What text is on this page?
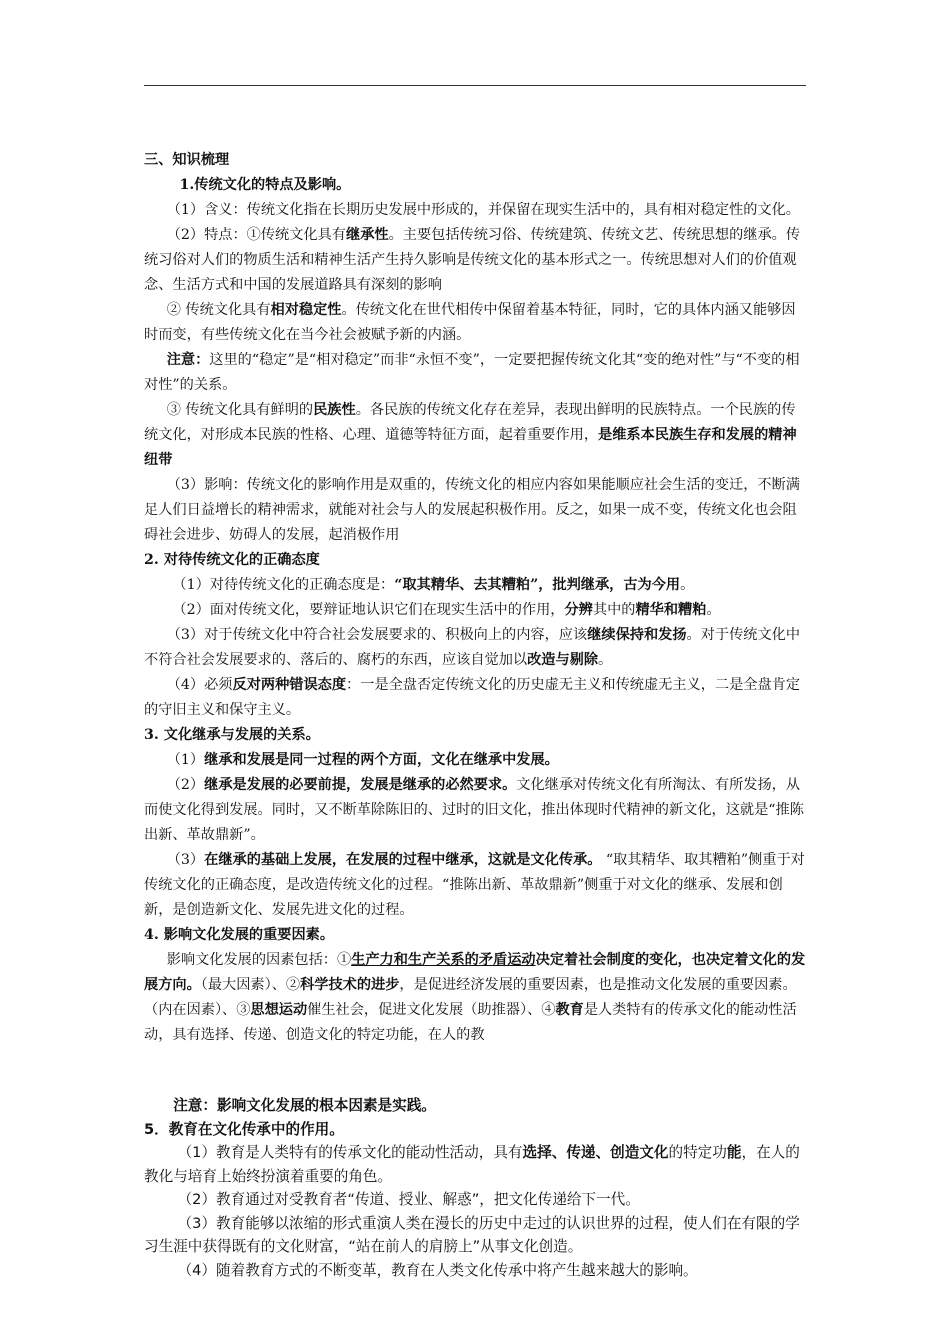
三、知识梳理

1.传统文化的特点及影响。

（1）含义：传统文化指在长期历史发展中形成的，并保留在现实生活中的，具有相对稳定性的文化。

（2）特点：①传统文化具有继承性。主要包括传统习俗、传统建筑、传统文艺、传统思想的继承。传统习俗对人们的物质生活和精神生活产生持久影响是传统文化的基本形式之一。传统思想对人们的价值观念、生活方式和中国的发展道路具有深刻的影响

② 传统文化具有相对稳定性。传统文化在世代相传中保留着基本特征，同时，它的具体内涵又能够因时而变，有些传统文化在当今社会被赋予新的内涵。

注意：这里的“稳定”是“相对稳定”而非“永恒不变”，一定要把握传统文化其“变的绝对性”与“不变的相对性”的关系。

③ 传统文化具有鲜明的民族性。各民族的传统文化存在差异，表现出鲜明的民族特点。一个民族的传统文化，对形成本民族的性格、心理、道德等特征方面，起着重要作用，是维系本民族生存和发展的精神纽带

（3）影响：传统文化的影响作用是双重的，传统文化的相应内容如果能顺应社会生活的变迁，不断满足人们日益增长的精神需求，就能对社会与人的发展起积极作用。反之，如果一成不变，传统文化也会阻碍社会进步、妨碍人的发展，起消极作用

2. 对待传统文化的正确态度

（1）对待传统文化的正确态度是：“取其精华、去其糟粕”，批判继承，古为今用。

（2）面对传统文化，要辩证地认识它们在现实生活中的作用，分辨其中的精华和糟粕。

（3）对于传统文化中符合社会发展要求的、积极向上的内容，应该继续保持和发扬。对于传统文化中不符合社会发展要求的、落后的、腐朽的东西，应该自觉加以改造与剔除。

（4）必须反对两种错误态度：一是全盘否定传统文化的历史虚无主义和传统虚无主义，二是全盘肯定的守旧主义和保守主义。

3. 文化继承与发展的关系。

（1）继承和发展是同一过程的两个方面，文化在继承中发展。

（2）继承是发展的必要前提，发展是继承的必然要求。文化继承对传统文化有所淘汰、有所发扬，从而使文化得到发展。同时，又不断革除陈旧的、过时的旧文化，推出体现时代精神的新文化，这就是“推陈出新、革故鼎新”。

（3）在继承的基础上发展，在发展的过程中继承，这就是文化传承。 “取其精华、取其糟粕”侧重于对传统文化的正确态度，是改造传统文化的过程。“推陈出新、革故鼎新”侧重于对文化的继承、发展和创新，是创造新文化、发展先进文化的过程。

4. 影响文化发展的重要因素。

影响文化发展的因素包括：①生产力和生产关系的矛盾运动决定着社会制度的变化，也决定着文化的发展方向。（最大因素）、②科学技术的进步，是促进经济发展的重要因素，也是推动文化发展的重要因素。（内在因素）、③思想运动催生社会，促进文化发展（助推器）、④教育是人类特有的传承文化的能动性活动，具有选择、传递、创造文化的特定功能，在人的教

注意：影响文化发展的根本因素是实践。

5．教育在文化传承中的作用。

（1）教育是人类特有的传承文化的能动性活动，具有选择、传递、创造文化的特定功能，在人的教化与培育上始终扮演着重要的角色。

（2）教育通过对受教育者“传道、授业、解惑”，把文化传递给下一代。

（3）教育能够以浓缩的形式重演人类在漫长的历史中走过的认识世界的过程，使人们在有限的学习生涯中获得既有的文化财富，“站在前人的肩膀上”从事文化创造。

（4）随着教育方式的不断变革，教育在人类文化传承中将产生越来越大的影响。
